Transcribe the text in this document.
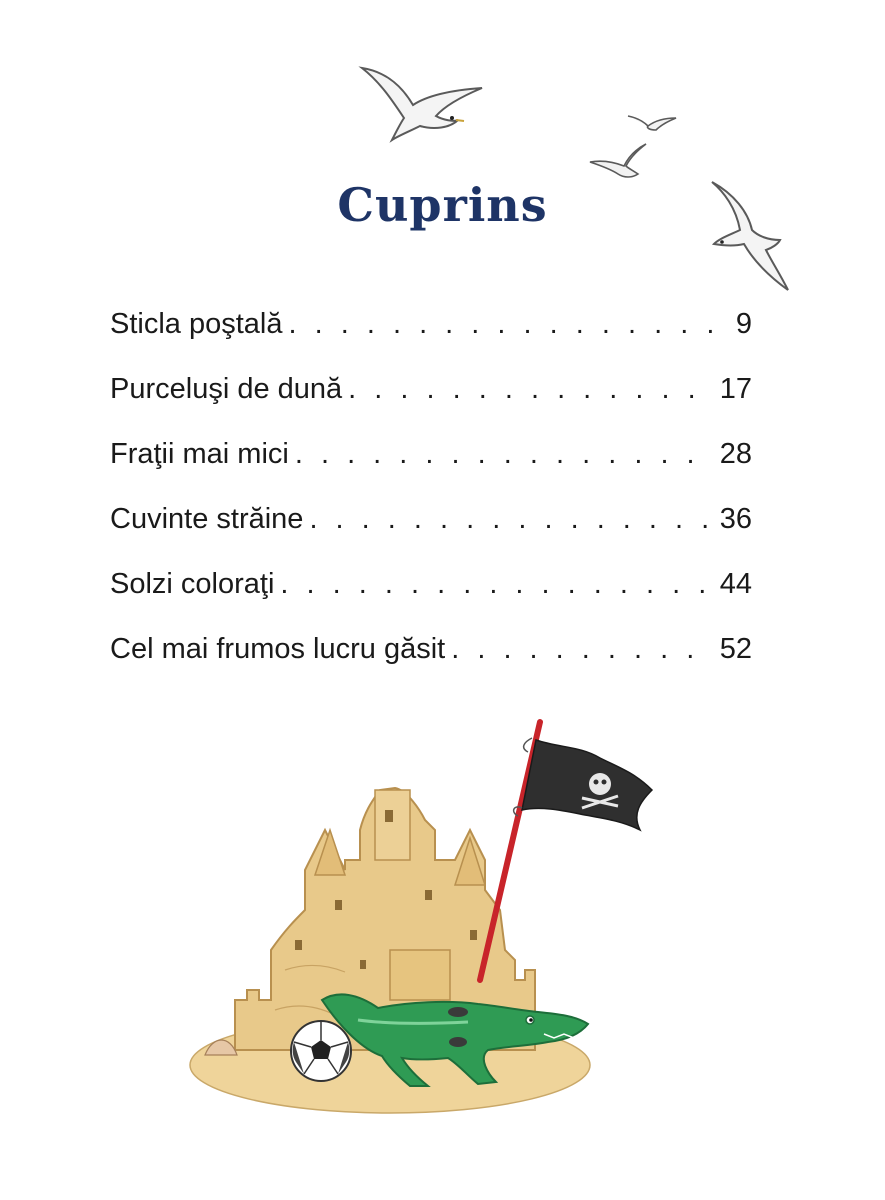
Cuprins
Sticla poştală . . .	9
Purceluşi de dună . . .	17
Fraţii mai mici . . .	28
Cuvinte străine . . .	36
Solzi coloraţi . . .	44
Cel mai frumos lucru găsit . . .	52
